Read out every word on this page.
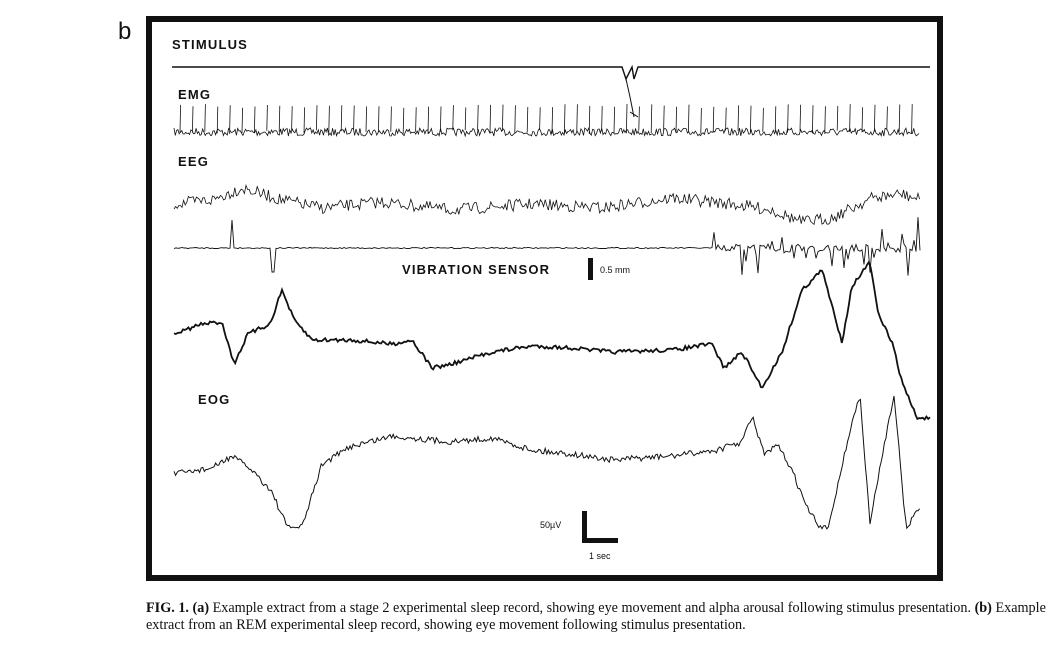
b	STIMULUS
EMG
EEG
VIBRATION SENSOR
EOG
0.5 mm
50µV
1 sec
FIG. 1. (a) Example extract from a stage 2 experimental sleep record, showing eye movement and alpha arousal following stimulus presentation. (b) Example extract from an REM experimental sleep record, showing eye movement following stimulus presentation.
